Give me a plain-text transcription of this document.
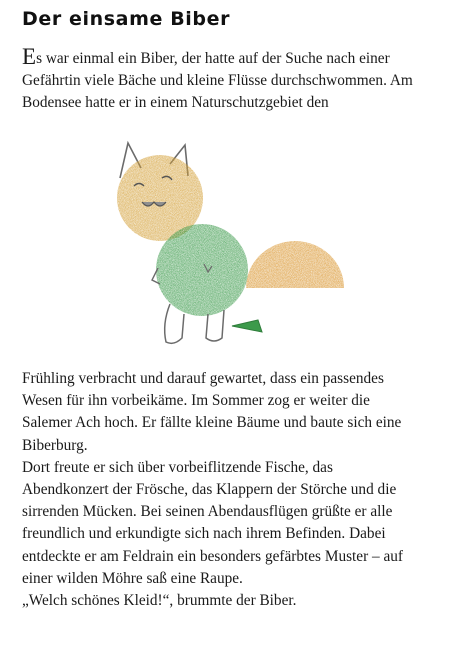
Der einsame Biber

Es war einmal ein Biber, der hatte auf der Suche nach einer
Gefährtin viele Bäche und kleine Flüsse durchschwommen. Am
Bodensee hatte er in einem Naturschutzgebiet den

Frühling verbracht und darauf gewartet, dass ein passendes
Wesen für ihn vorbeikäme. Im Sommer zog er weiter die
Salemer Ach hoch. Er fällte kleine Bäume und baute sich eine
Biberburg.
Dort freute er sich über vorbeiflitzende Fische, das
Abendkonzert der Frösche, das Klappern der Störche und die
sirrenden Mücken. Bei seinen Abendausflügen grüßte er alle
freundlich und erkundigte sich nach ihrem Befinden. Dabei
entdeckte er am Feldrain ein besonders gefärbtes Muster – auf
einer wilden Möhre saß eine Raupe.
„Welch schönes Kleid!“, brummte der Biber.
